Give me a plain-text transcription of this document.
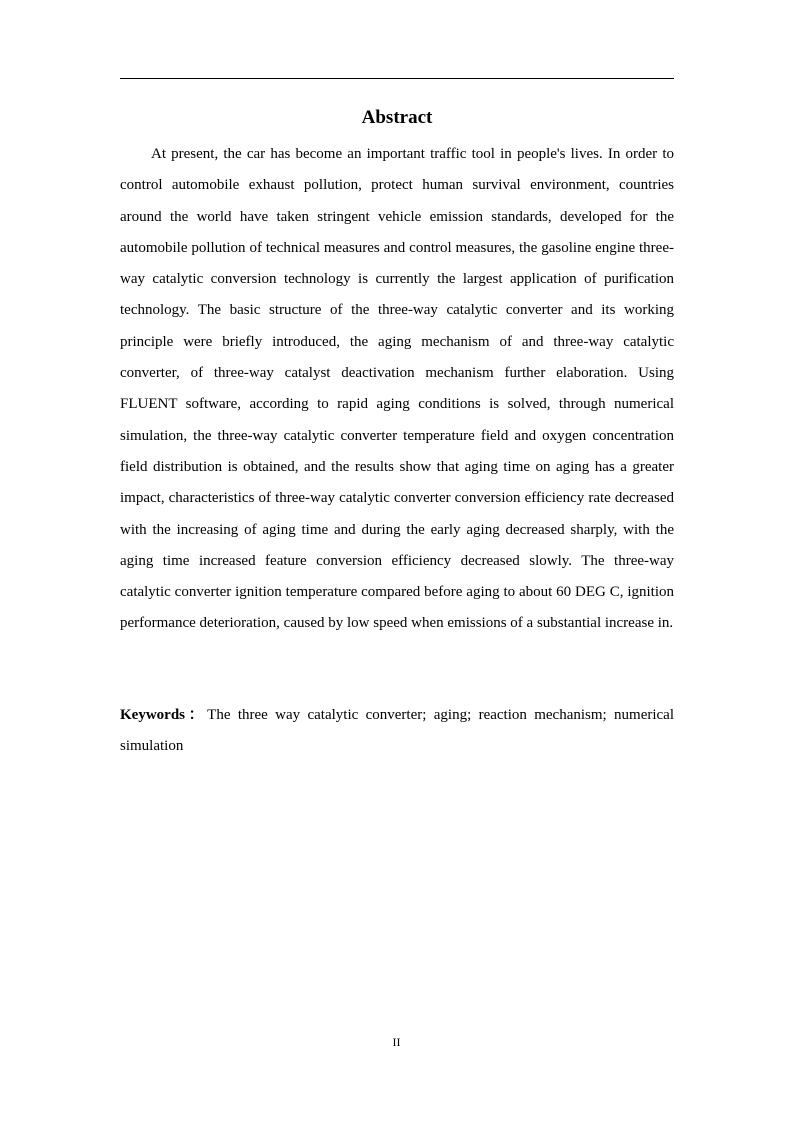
Abstract

At present, the car has become an important traffic tool in people's lives. In order to control automobile exhaust pollution, protect human survival environment, countries around the world have taken stringent vehicle emission standards, developed for the automobile pollution of technical measures and control measures, the gasoline engine three-way catalytic conversion technology is currently the largest application of purification technology. The basic structure of the three-way catalytic converter and its working principle were briefly introduced, the aging mechanism of and three-way catalytic converter, of three-way catalyst deactivation mechanism further elaboration. Using FLUENT software, according to rapid aging conditions is solved, through numerical simulation, the three-way catalytic converter temperature field and oxygen concentration field distribution is obtained, and the results show that aging time on aging has a greater impact, characteristics of three-way catalytic converter conversion efficiency rate decreased with the increasing of aging time and during the early aging decreased sharply, with the aging time increased feature conversion efficiency decreased slowly. The three-way catalytic converter ignition temperature compared before aging to about 60 DEG C, ignition performance deterioration, caused by low speed when emissions of a substantial increase in.

Keywords：The three way catalytic converter; aging; reaction mechanism; numerical simulation

II
